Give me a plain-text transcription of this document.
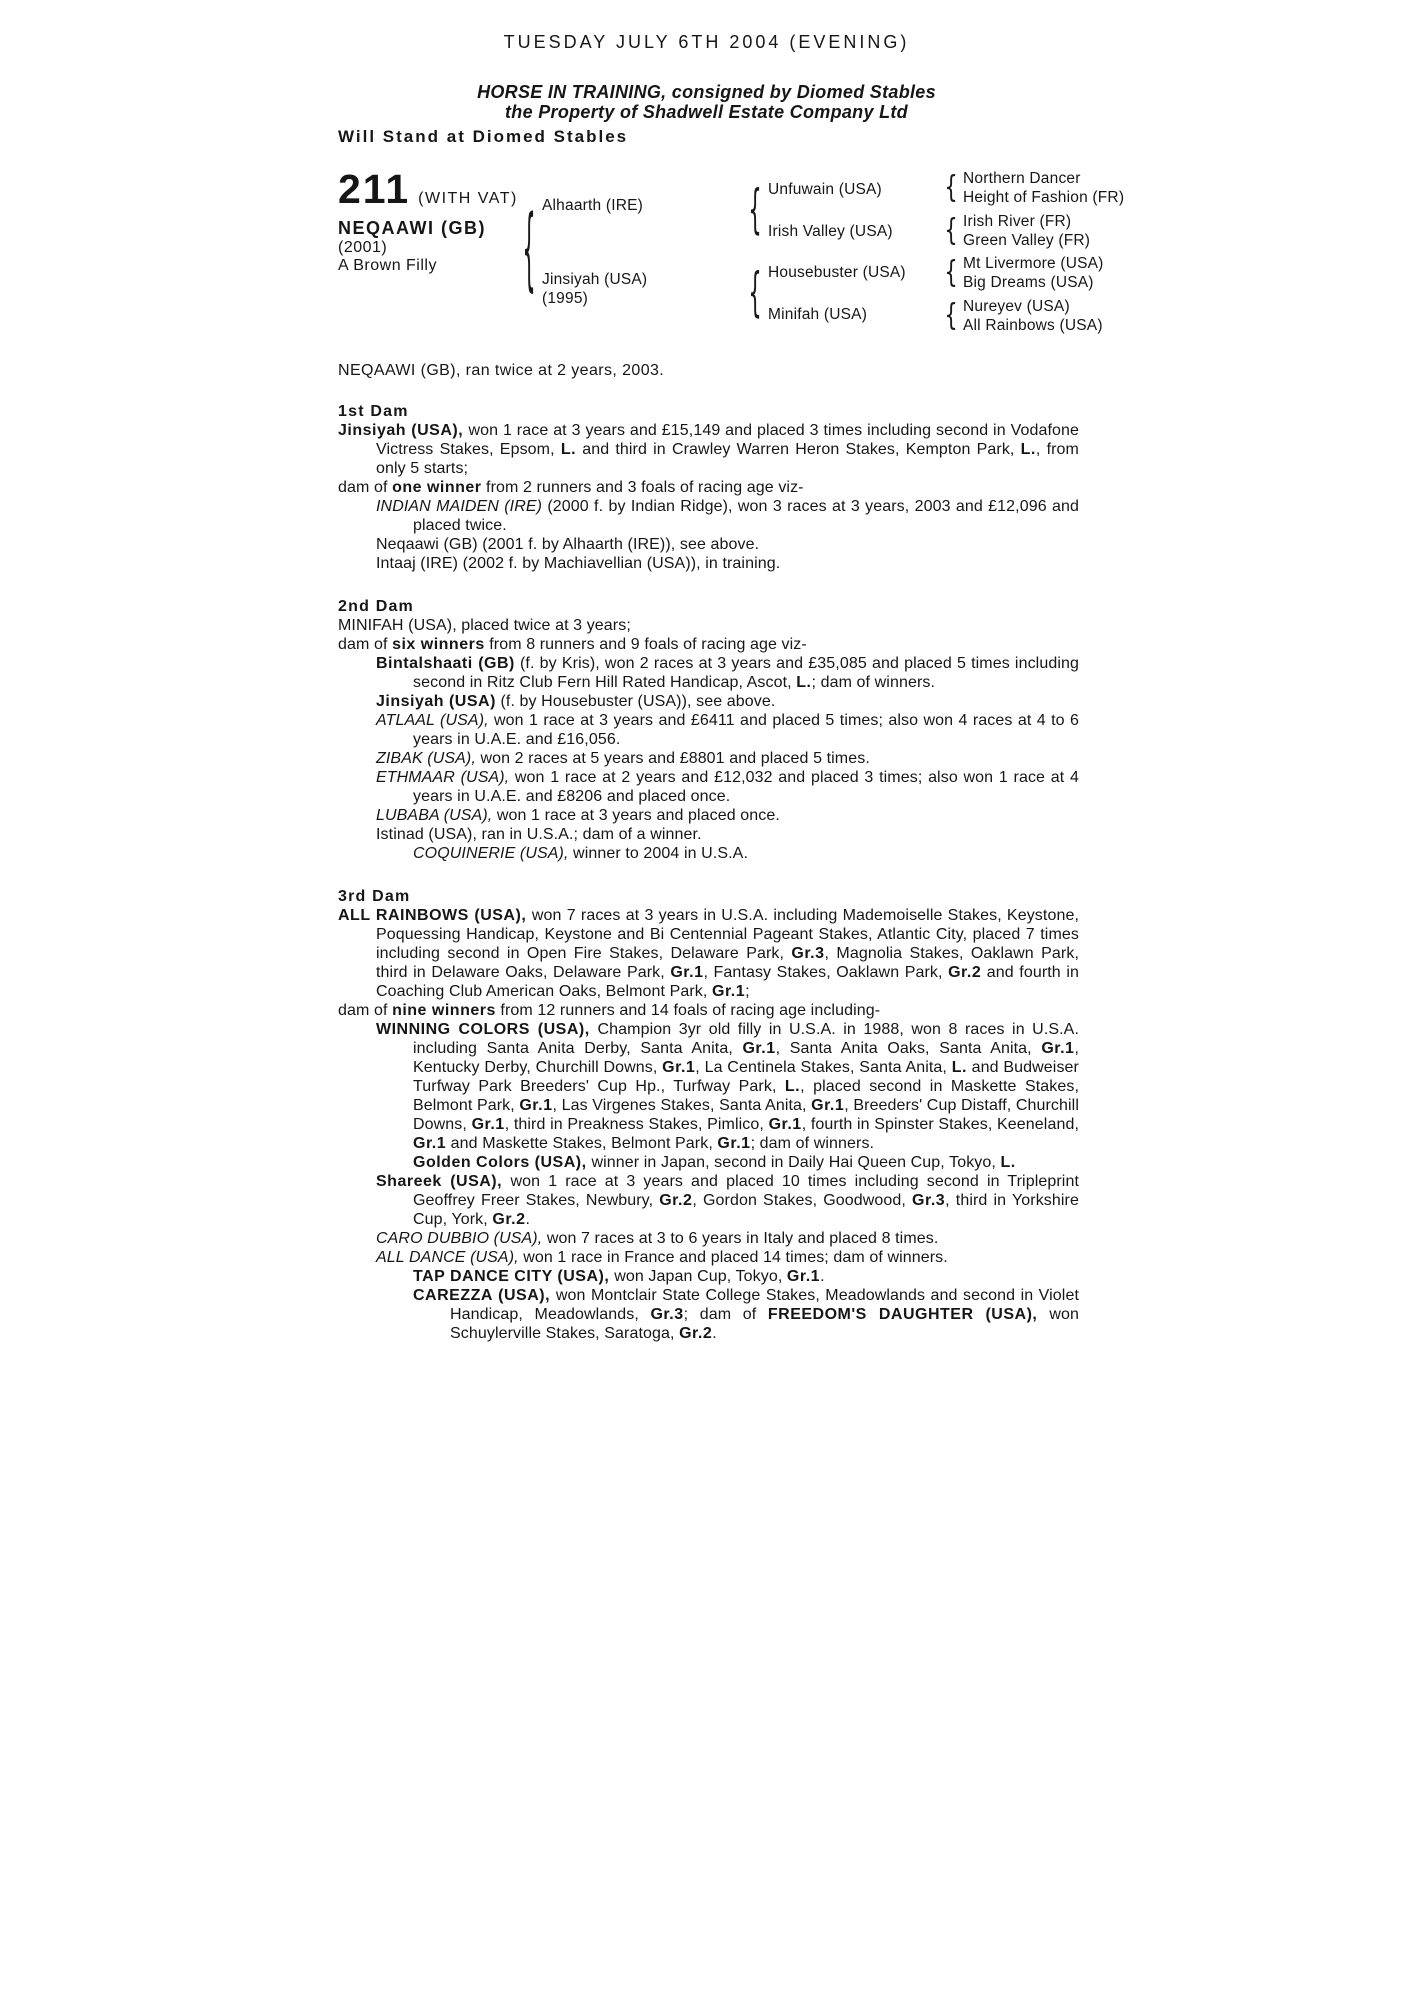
TUESDAY JULY 6TH 2004 (EVENING)
HORSE IN TRAINING, consigned by Diomed Stables
the Property of Shadwell Estate Company Ltd
Will Stand at Diomed Stables
211 (WITH VAT)
NEQAAWI (GB)
(2001)
A Brown Filly	{ Alhaarth (IRE)
Jinsiyah (USA)
(1995)
{ Unfuwain (USA)
Irish Valley (USA)
{ Housebuster (USA)
Minifah (USA)
{ Northern Dancer
Height of Fashion (FR)
{ Irish River (FR)
Green Valley (FR)
{ Mt Livermore (USA)
Big Dreams (USA)
{ Nureyev (USA)
All Rainbows (USA)
NEQAAWI (GB), ran twice at 2 years, 2003.
1st Dam

Jinsiyah (USA), won 1 race at 3 years and £15,149 and placed 3 times including second in Vodafone Victress Stakes, Epsom, L. and third in Crawley Warren Heron Stakes, Kempton Park, L., from only 5 starts;

dam of one winner from 2 runners and 3 foals of racing age viz-

INDIAN MAIDEN (IRE) (2000 f. by Indian Ridge), won 3 races at 3 years, 2003 and £12,096 and placed twice.

Neqaawi (GB) (2001 f. by Alhaarth (IRE)), see above.

Intaaj (IRE) (2002 f. by Machiavellian (USA)), in training.

2nd Dam

MINIFAH (USA), placed twice at 3 years;

dam of six winners from 8 runners and 9 foals of racing age viz-

Bintalshaati (GB) (f. by Kris), won 2 races at 3 years and £35,085 and placed 5 times including second in Ritz Club Fern Hill Rated Handicap, Ascot, L.; dam of winners.

Jinsiyah (USA) (f. by Housebuster (USA)), see above.

ATLAAL (USA), won 1 race at 3 years and £6411 and placed 5 times; also won 4 races at 4 to 6 years in U.A.E. and £16,056.

ZIBAK (USA), won 2 races at 5 years and £8801 and placed 5 times.

ETHMAAR (USA), won 1 race at 2 years and £12,032 and placed 3 times; also won 1 race at 4 years in U.A.E. and £8206 and placed once.

LUBABA (USA), won 1 race at 3 years and placed once.

Istinad (USA), ran in U.S.A.; dam of a winner.

COQUINERIE (USA), winner to 2004 in U.S.A.

3rd Dam

ALL RAINBOWS (USA), won 7 races at 3 years in U.S.A. including Mademoiselle Stakes, Keystone, Poquessing Handicap, Keystone and Bi Centennial Pageant Stakes, Atlantic City, placed 7 times including second in Open Fire Stakes, Delaware Park, Gr.3, Magnolia Stakes, Oaklawn Park, third in Delaware Oaks, Delaware Park, Gr.1, Fantasy Stakes, Oaklawn Park, Gr.2 and fourth in Coaching Club American Oaks, Belmont Park, Gr.1;

dam of nine winners from 12 runners and 14 foals of racing age including-

WINNING COLORS (USA), Champion 3yr old filly in U.S.A. in 1988, won 8 races in U.S.A. including Santa Anita Derby, Santa Anita, Gr.1, Santa Anita Oaks, Santa Anita, Gr.1, Kentucky Derby, Churchill Downs, Gr.1, La Centinela Stakes, Santa Anita, L. and Budweiser Turfway Park Breeders' Cup Hp., Turfway Park, L., placed second in Maskette Stakes, Belmont Park, Gr.1, Las Virgenes Stakes, Santa Anita, Gr.1, Breeders' Cup Distaff, Churchill Downs, Gr.1, third in Preakness Stakes, Pimlico, Gr.1, fourth in Spinster Stakes, Keeneland, Gr.1 and Maskette Stakes, Belmont Park, Gr.1; dam of winners.

Golden Colors (USA), winner in Japan, second in Daily Hai Queen Cup, Tokyo, L.

Shareek (USA), won 1 race at 3 years and placed 10 times including second in Tripleprint Geoffrey Freer Stakes, Newbury, Gr.2, Gordon Stakes, Goodwood, Gr.3, third in Yorkshire Cup, York, Gr.2.

CARO DUBBIO (USA), won 7 races at 3 to 6 years in Italy and placed 8 times.

ALL DANCE (USA), won 1 race in France and placed 14 times; dam of winners.

TAP DANCE CITY (USA), won Japan Cup, Tokyo, Gr.1.

CAREZZA (USA), won Montclair State College Stakes, Meadowlands and second in Violet Handicap, Meadowlands, Gr.3; dam of FREEDOM'S DAUGHTER (USA), won Schuylerville Stakes, Saratoga, Gr.2.
